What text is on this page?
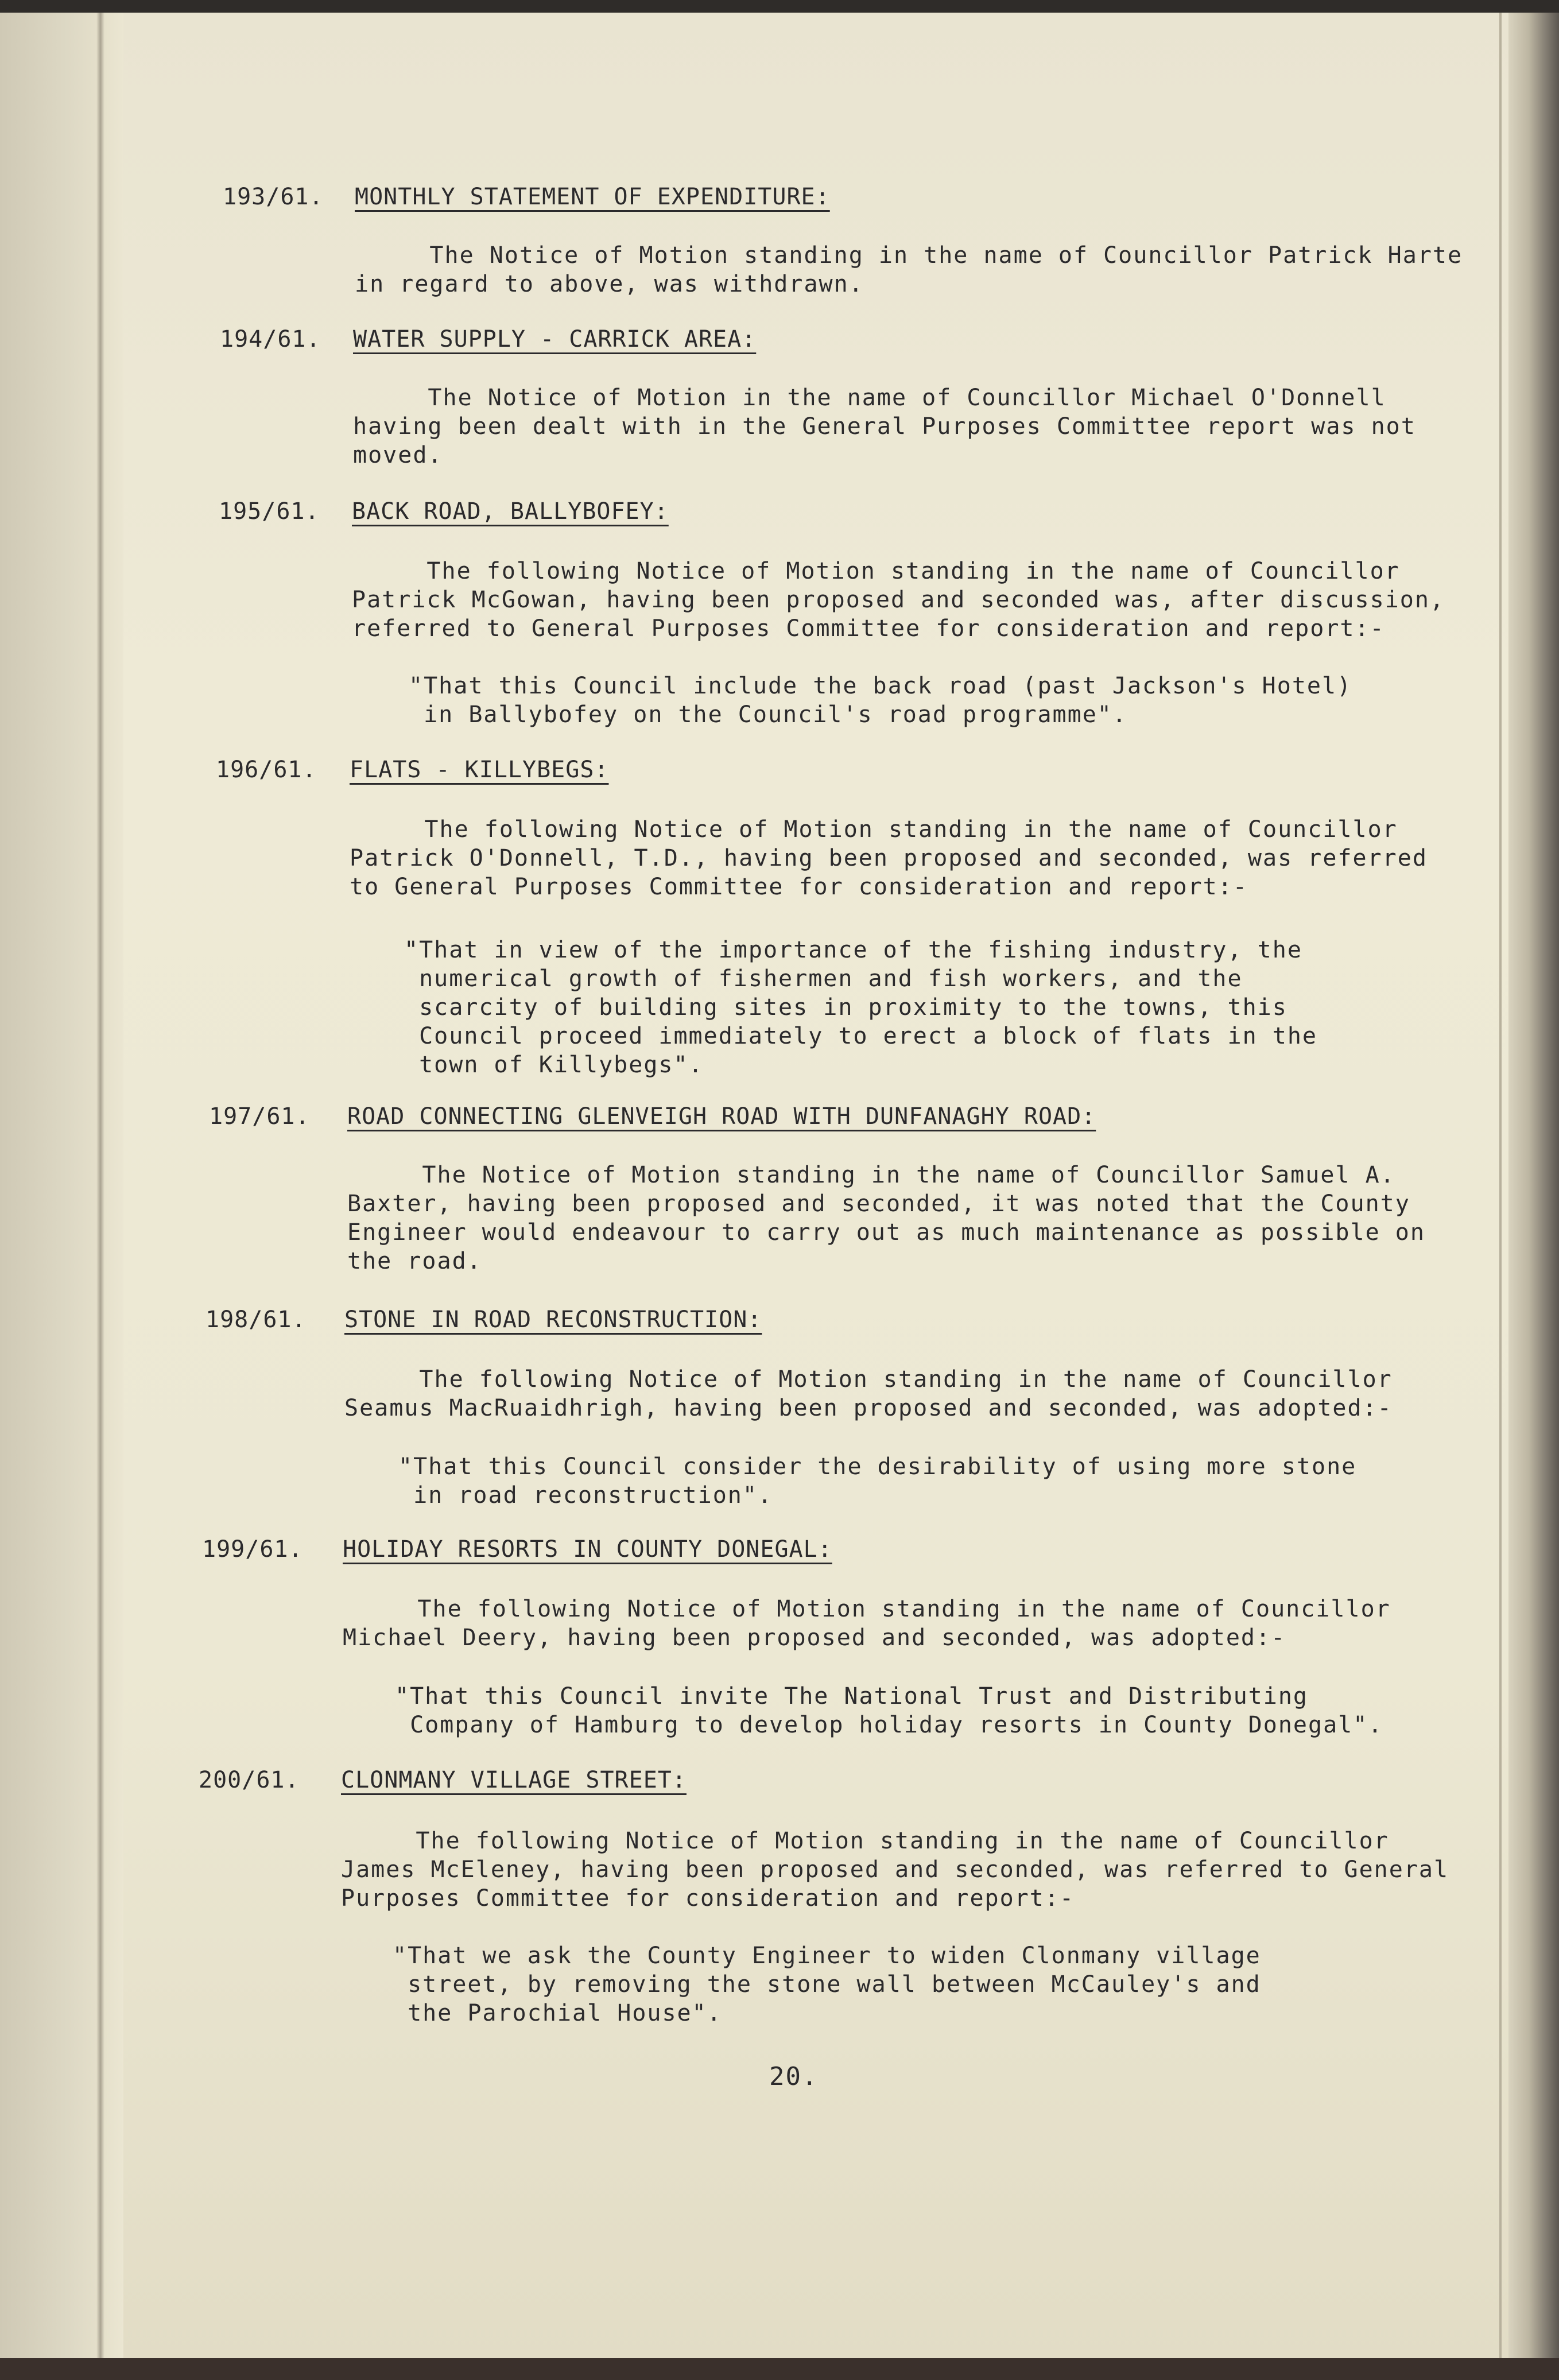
193/61. MONTHLY STATEMENT OF EXPENDITURE:

The Notice of Motion standing in the name of Councillor Patrick Harte
in regard to above, was withdrawn.

194/61. WATER SUPPLY - CARRICK AREA:

The Notice of Motion in the name of Councillor Michael O'Donnell
having been dealt with in the General Purposes Committee report was not
moved.

195/61. BACK ROAD, BALLYBOFEY:

The following Notice of Motion standing in the name of Councillor
Patrick McGowan, having been proposed and seconded was, after discussion,
referred to General Purposes Committee for consideration and report:-

"That this Council include the back road (past Jackson's Hotel)
in Ballybofey on the Council's road programme".

196/61. FLATS - KILLYBEGS:

The following Notice of Motion standing in the name of Councillor
Patrick O'Donnell, T.D., having been proposed and seconded, was referred
to General Purposes Committee for consideration and report:-

"That in view of the importance of the fishing industry, the
numerical growth of fishermen and fish workers, and the
scarcity of building sites in proximity to the towns, this
Council proceed immediately to erect a block of flats in the
town of Killybegs".

197/61. ROAD CONNECTING GLENVEIGH ROAD WITH DUNFANAGHY ROAD:

The Notice of Motion standing in the name of Councillor Samuel A.
Baxter, having been proposed and seconded, it was noted that the County
Engineer would endeavour to carry out as much maintenance as possible on
the road.

198/61. STONE IN ROAD RECONSTRUCTION:

The following Notice of Motion standing in the name of Councillor
Seamus MacRuaidhrigh, having been proposed and seconded, was adopted:-

"That this Council consider the desirability of using more stone
in road reconstruction".

199/61. HOLIDAY RESORTS IN COUNTY DONEGAL:

The following Notice of Motion standing in the name of Councillor
Michael Deery, having been proposed and seconded, was adopted:-

"That this Council invite The National Trust and Distributing
Company of Hamburg to develop holiday resorts in County Donegal".

200/61. CLONMANY VILLAGE STREET:

The following Notice of Motion standing in the name of Councillor
James McEleney, having been proposed and seconded, was referred to General
Purposes Committee for consideration and report:-

"That we ask the County Engineer to widen Clonmany village
street, by removing the stone wall between McCauley's and
the Parochial House".

20.
